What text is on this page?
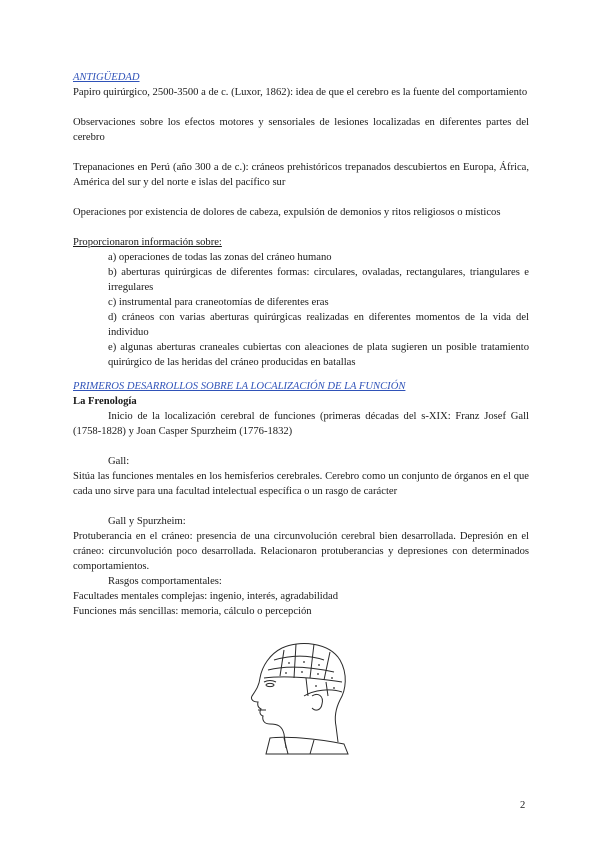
ANTIGÜEDAD

Papiro quirúrgico, 2500-3500 a de c. (Luxor, 1862): idea de que el cerebro es la fuente del comportamiento

Observaciones sobre los efectos motores y sensoriales de lesiones localizadas en diferentes partes del cerebro

Trepanaciones en Perú (año 300 a de c.): cráneos prehistóricos trepanados descubiertos en Europa, África, América del sur y del norte e islas del pacífico sur

Operaciones por existencia de dolores de cabeza, expulsión de demonios y ritos religiosos o místicos

Proporcionaron información sobre:

a) operaciones de todas las zonas del cráneo humano

b) aberturas quirúrgicas de diferentes formas: circulares, ovaladas, rectangulares, triangulares e irregulares

c) instrumental para craneotomías de diferentes eras

d) cráneos con varias aberturas quirúrgicas realizadas en diferentes momentos de la vida del individuo

e) algunas aberturas craneales cubiertas con aleaciones de plata sugieren un posible tratamiento quirúrgico de las heridas del cráneo producidas en batallas

PRIMEROS DESARROLLOS SOBRE LA LOCALIZACIÓN DE LA FUNCIÓN

La Frenología

Inicio de la localización cerebral de funciones (primeras décadas del s-XIX: Franz Josef Gall (1758-1828) y Joan Casper Spurzheim (1776-1832)

Gall:

Sitúa las funciones mentales en los hemisferios cerebrales. Cerebro como un conjunto de órganos en el que cada uno sirve para una facultad intelectual específica o un rasgo de carácter

Gall y Spurzheim:

Protuberancia en el cráneo: presencia de una circunvolución cerebral bien desarrollada. Depresión en el cráneo: circunvolución poco desarrollada. Relacionaron protuberancias y depresiones con determinados comportamientos.

Rasgos comportamentales:

Facultades mentales complejas: ingenio, interés, agradabilidad

Funciones más sencillas: memoria, cálculo o percepción

2
